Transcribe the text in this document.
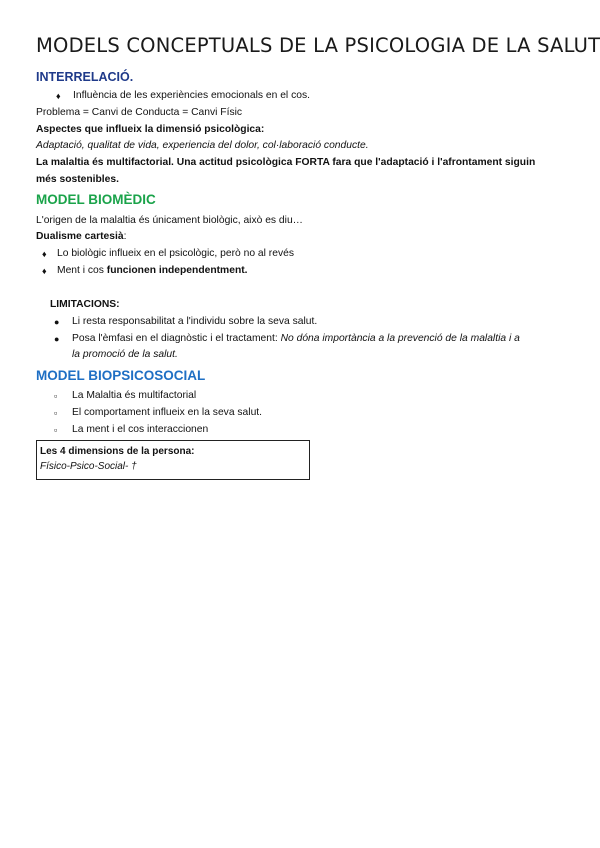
MODELS CONCEPTUALS DE LA PSICOLOGIA DE LA SALUT
INTERRELACIÓ.
♦ Influència de les experiències emocionals en el cos.
Problema = Canvi de Conducta = Canvi Físic
Aspectes que influeix la dimensió psicològica:
Adaptació, qualitat de vida, experiencia del dolor, col·laboració conducte.
La malaltia és multifactorial. Una actitud psicològica FORTA fara que l'adaptació i l'afrontament siguin
més sostenibles.
MODEL BIOMÈDIC
L'origen de la malaltia és únicament biològic, això es diu…
Dualisme cartesià:
♦ Lo biològic influeix en el psicològic, però no al revés
♦ Ment i cos funcionen independentment.
LIMITACIONS:
● Li resta responsabilitat a l'individu sobre la seva salut.
● Posa l'èmfasi en el diagnòstic i el tractament: No dóna importància a la prevenció de la malaltia i a
la promoció de la salut.
MODEL BIOPSICOSOCIAL
▫ La Malaltia és multifactorial
▫ El comportament influeix en la seva salut.
▫ La ment i el cos interaccionen
Les 4 dimensions de la persona:
Físico-Psico-Social- †
